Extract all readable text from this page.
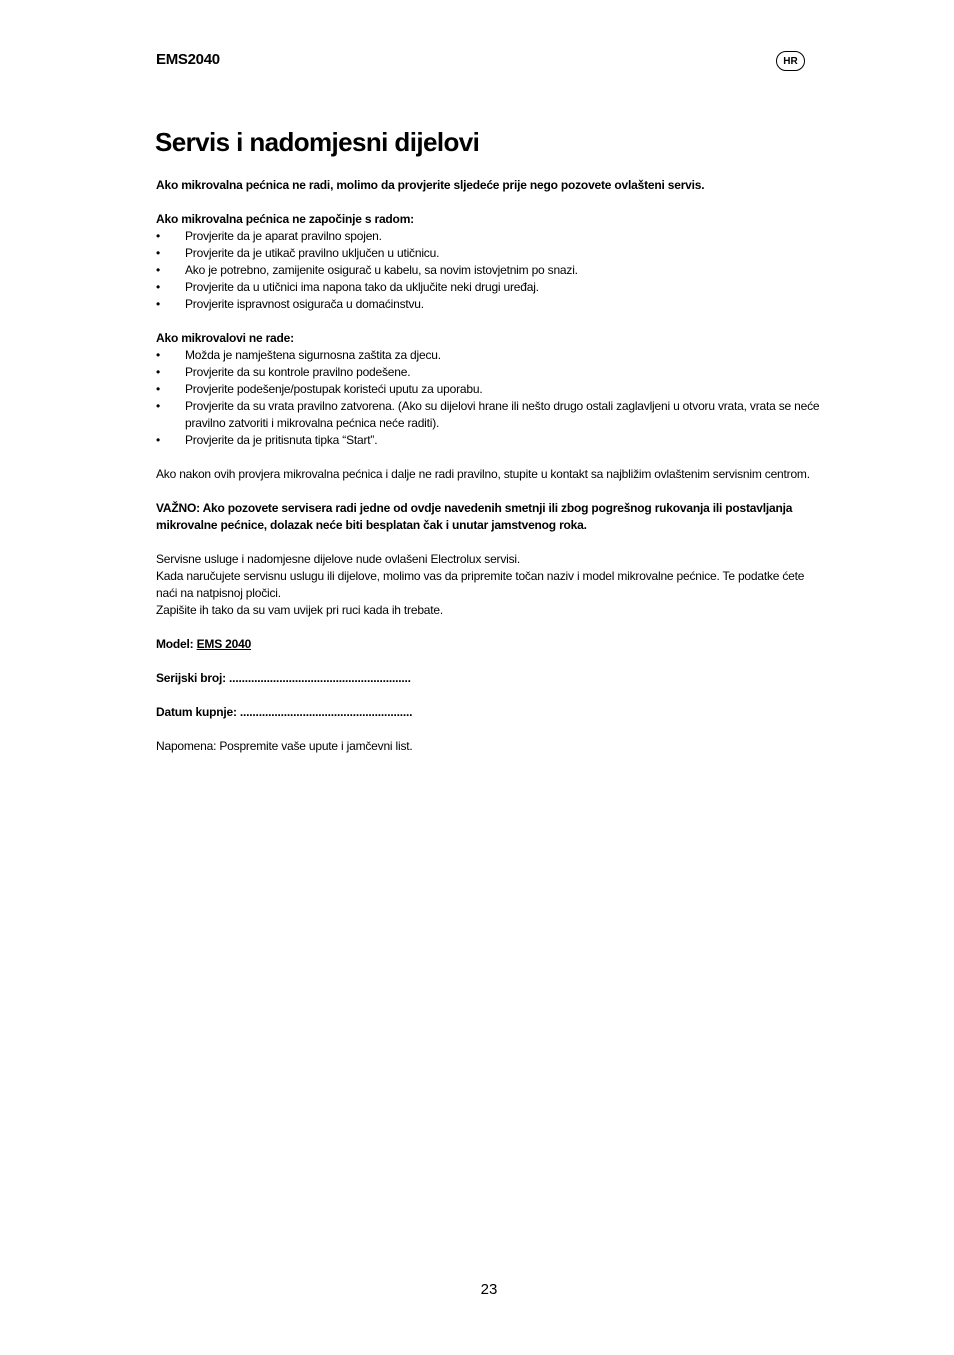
EMS2040	HR
Servis i nadomjesni dijelovi

Ako mikrovalna pećnica ne radi, molimo da provjerite sljedeće prije nego pozovete ovlašteni servis.

Ako mikrovalna pećnica ne započinje s radom:

• Provjerite da je aparat pravilno spojen.
• Provjerite da je utikač pravilno uključen u utičnicu.
• Ako je potrebno, zamijenite osigurač u kabelu, sa novim istovjetnim po snazi.
• Provjerite da u utičnici ima napona tako da uključite neki drugi uređaj.
• Provjerite ispravnost osigurača u domaćinstvu.

Ako mikrovalovi ne rade:

• Možda je namještena sigurnosna zaštita za djecu.
• Provjerite da su kontrole pravilno podešene.
• Provjerite podešenje/postupak koristeći uputu za uporabu.
• Provjerite da su vrata pravilno zatvorena. (Ako su dijelovi hrane ili nešto drugo ostali zaglavljeni u otvoru vrata, vrata se neće pravilno zatvoriti i mikrovalna pećnica neće raditi).
• Provjerite da je pritisnuta tipka “Start”.

Ako nakon ovih provjera mikrovalna pećnica i dalje ne radi pravilno, stupite u kontakt sa najbližim ovlaštenim servisnim centrom.

VAŽNO: Ako pozovete servisera radi jedne od ovdje navedenih smetnji ili zbog pogrešnog rukovanja ili postavljanja mikrovalne pećnice, dolazak neće biti besplatan čak i unutar jamstvenog roka.

Servisne usluge i nadomjesne dijelove nude ovlašeni Electrolux servisi.

Kada naručujete servisnu uslugu ili dijelove, molimo vas da pripremite točan naziv i model mikrovalne pećnice. Te podatke ćete naći na natpisnoj pločici.

Zapišite ih tako da su vam uvijek pri ruci kada ih trebate.

Model: EMS 2040

Serijski broj: ..........................................................

Datum kupnje: .......................................................

Napomena: Pospremite vaše upute i jamčevni list.

23
